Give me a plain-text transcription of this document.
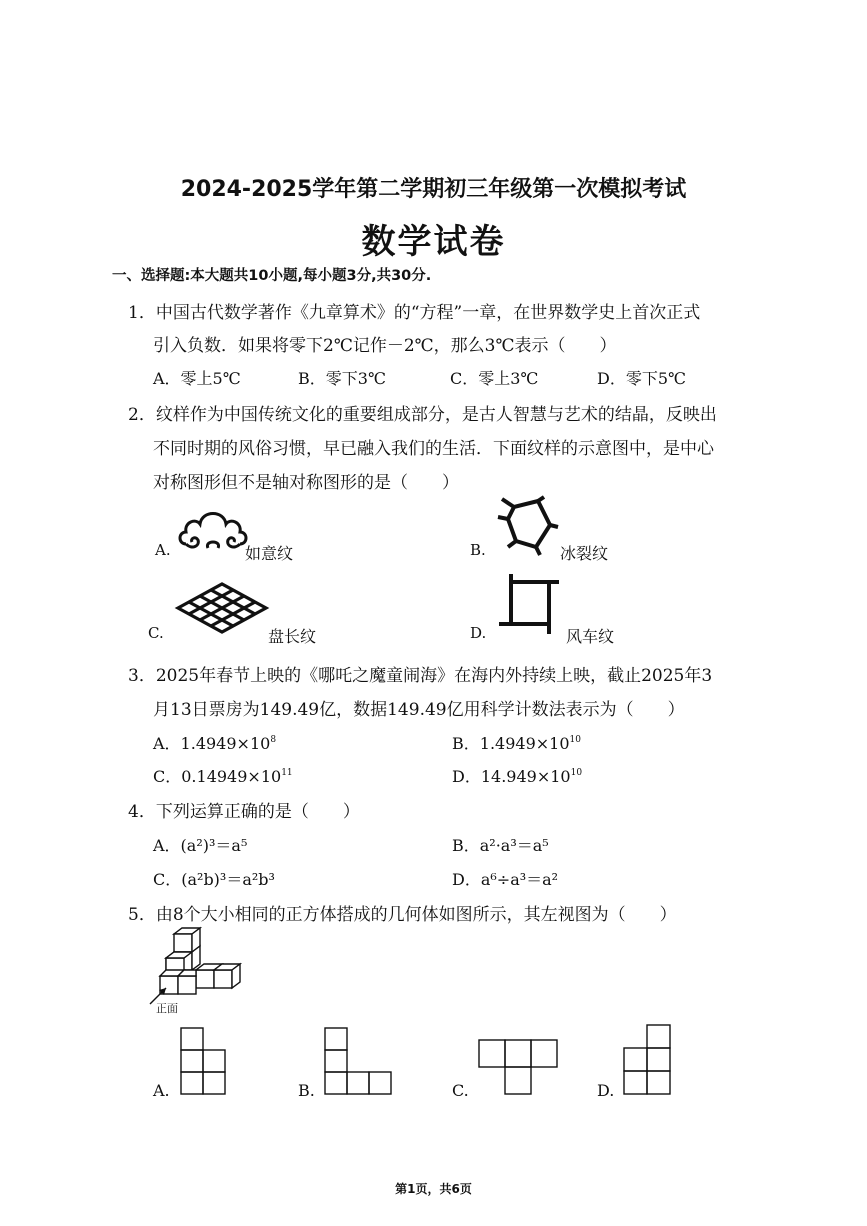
2024-2025学年第二学期初三年级第一次模拟考试
数学试卷
一、选择题:本大题共10小题,每小题3分,共30分.
1．中国古代数学著作《九章算术》的“方程”一章，在世界数学史上首次正式
引入负数．如果将零下2℃记作－2℃，那么3℃表示（　　）
A．零上5℃	B．零下3℃	C．零上3℃	D．零下5℃
2．纹样作为中国传统文化的重要组成部分，是古人智慧与艺术的结晶，反映出
不同时期的风俗习惯，早已融入我们的生活．下面纹样的示意图中，是中心
对称图形但不是轴对称图形的是（　　）
A.	如意纹	B.	冰裂纹
C.	盘长纹	D.	风车纹
3．2025年春节上映的《哪吒之魔童闹海》在海内外持续上映，截止2025年3
月13日票房为149.49亿，数据149.49亿用科学计数法表示为（　　）
A．$1.4949\times 10^8$	B．$1.4949\times 10^{10}$
C．$0.14949\times 10^{11}$	D．$14.949\times 10^{10}$
4．下列运算正确的是（　　）
A．(a²)³＝a⁵	B．a²·a³＝a⁵
C．(a²b)³＝a²b³	D．a⁶÷a³＝a²
5．由8个大小相同的正方体搭成的几何体如图所示，其左视图为（　　）
正面
A.	B.	C.	D.
第1页，共6页
